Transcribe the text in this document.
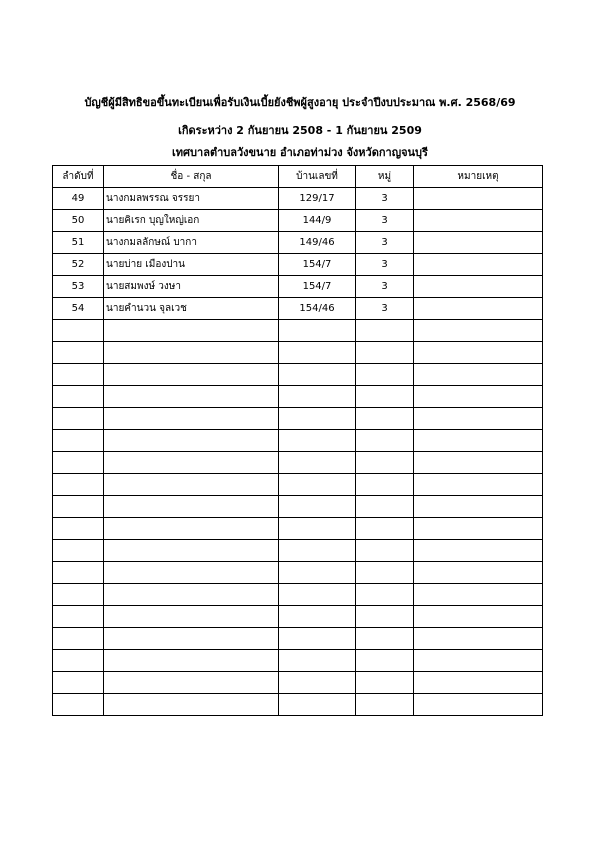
บัญชีผู้มีสิทธิขอขึ้นทะเบียนเพื่อรับเงินเบี้ยยังชีพผู้สูงอายุ ประจำปีงบประมาณ พ.ศ. 2568/69
เกิดระหว่าง 2 กันยายน 2508 - 1 กันยายน 2509
เทศบาลตำบลวังขนาย อำเภอท่าม่วง จังหวัดกาญจนบุรี
ลำดับที่	ชื่อ - สกุล	บ้านเลขที่	หมู่	หมายเหตุ
49	นางกมลพรรณ จรรยา	129/17	3	
50	นายคิเรก บุญใหญ่เอก	144/9	3	
51	นางกมลลักษณ์ บากา	149/46	3	
52	นายบ่าย เมืองปาน	154/7	3	
53	นายสมพงษ์ วงษา	154/7	3	
54	นายคำนวน จุลเวช	154/46	3	
